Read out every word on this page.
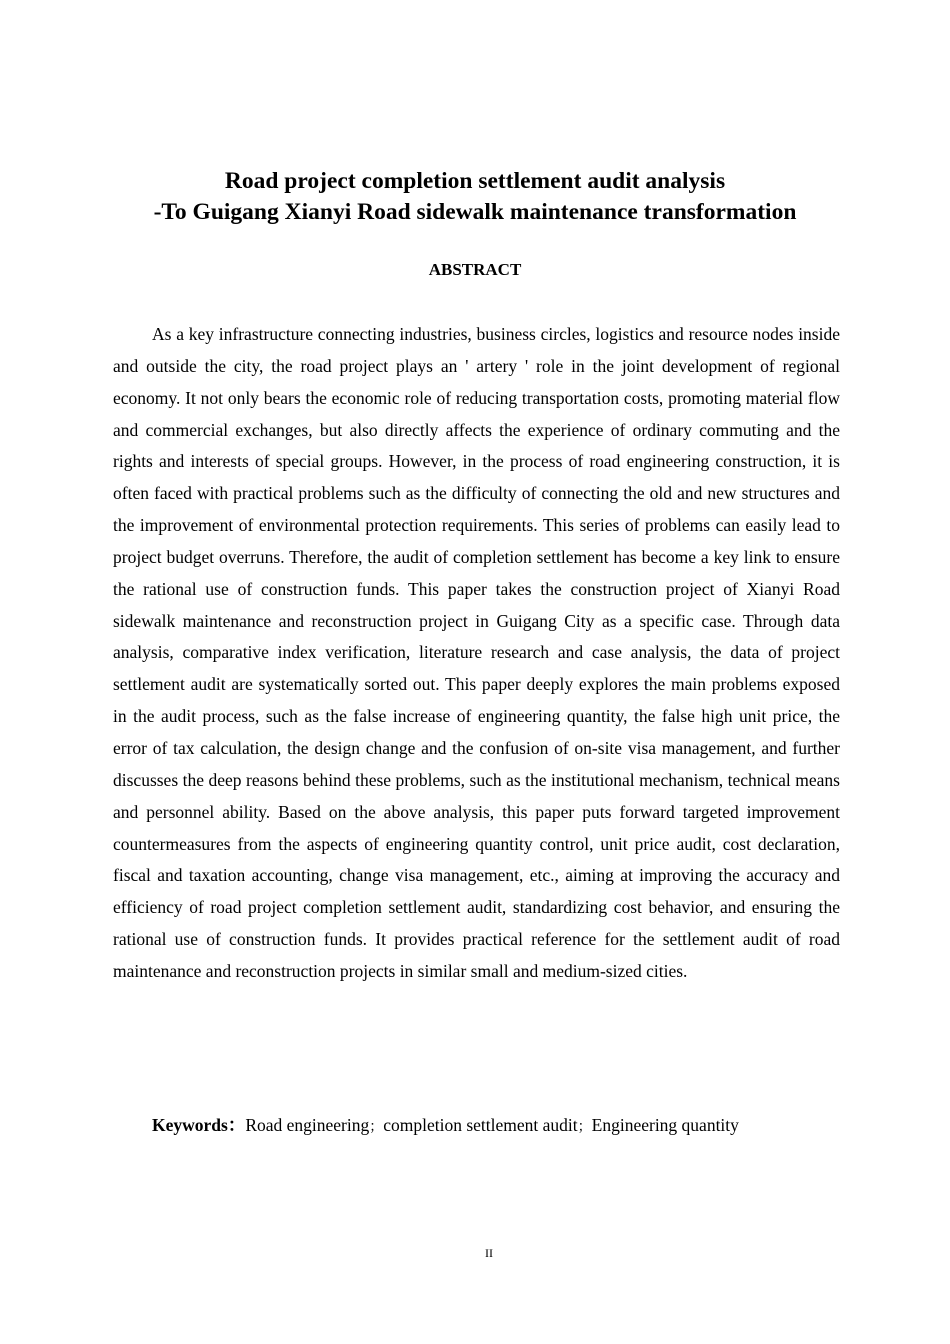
Road project completion settlement audit analysis
-To Guigang Xianyi Road sidewalk maintenance transformation
ABSTRACT

As a key infrastructure connecting industries, business circles, logistics and resource nodes inside and outside the city, the road project plays an ' artery ' role in the joint development of regional economy. It not only bears the economic role of reducing transportation costs, promoting material flow and commercial exchanges, but also directly affects the experience of ordinary commuting and the rights and interests of special groups. However, in the process of road engineering construction, it is often faced with practical problems such as the difficulty of connecting the old and new structures and the improvement of environmental protection requirements. This series of problems can easily lead to project budget overruns. Therefore, the audit of completion settlement has become a key link to ensure the rational use of construction funds. This paper takes the construction project of Xianyi Road sidewalk maintenance and reconstruction project in Guigang City as a specific case. Through data analysis, comparative index verification, literature research and case analysis, the data of project settlement audit are systematically sorted out. This paper deeply explores the main problems exposed in the audit process, such as the false increase of engineering quantity, the false high unit price, the error of tax calculation, the design change and the confusion of on-site visa management, and further discusses the deep reasons behind these problems, such as the institutional mechanism, technical means and personnel ability. Based on the above analysis, this paper puts forward targeted improvement countermeasures from the aspects of engineering quantity control, unit price audit, cost declaration, fiscal and taxation accounting, change visa management, etc., aiming at improving the accuracy and efficiency of road project completion settlement audit, standardizing cost behavior, and ensuring the rational use of construction funds. It provides practical reference for the settlement audit of road maintenance and reconstruction projects in similar small and medium-sized cities.

Keywords：Road engineering；completion settlement audit；Engineering quantity
II
